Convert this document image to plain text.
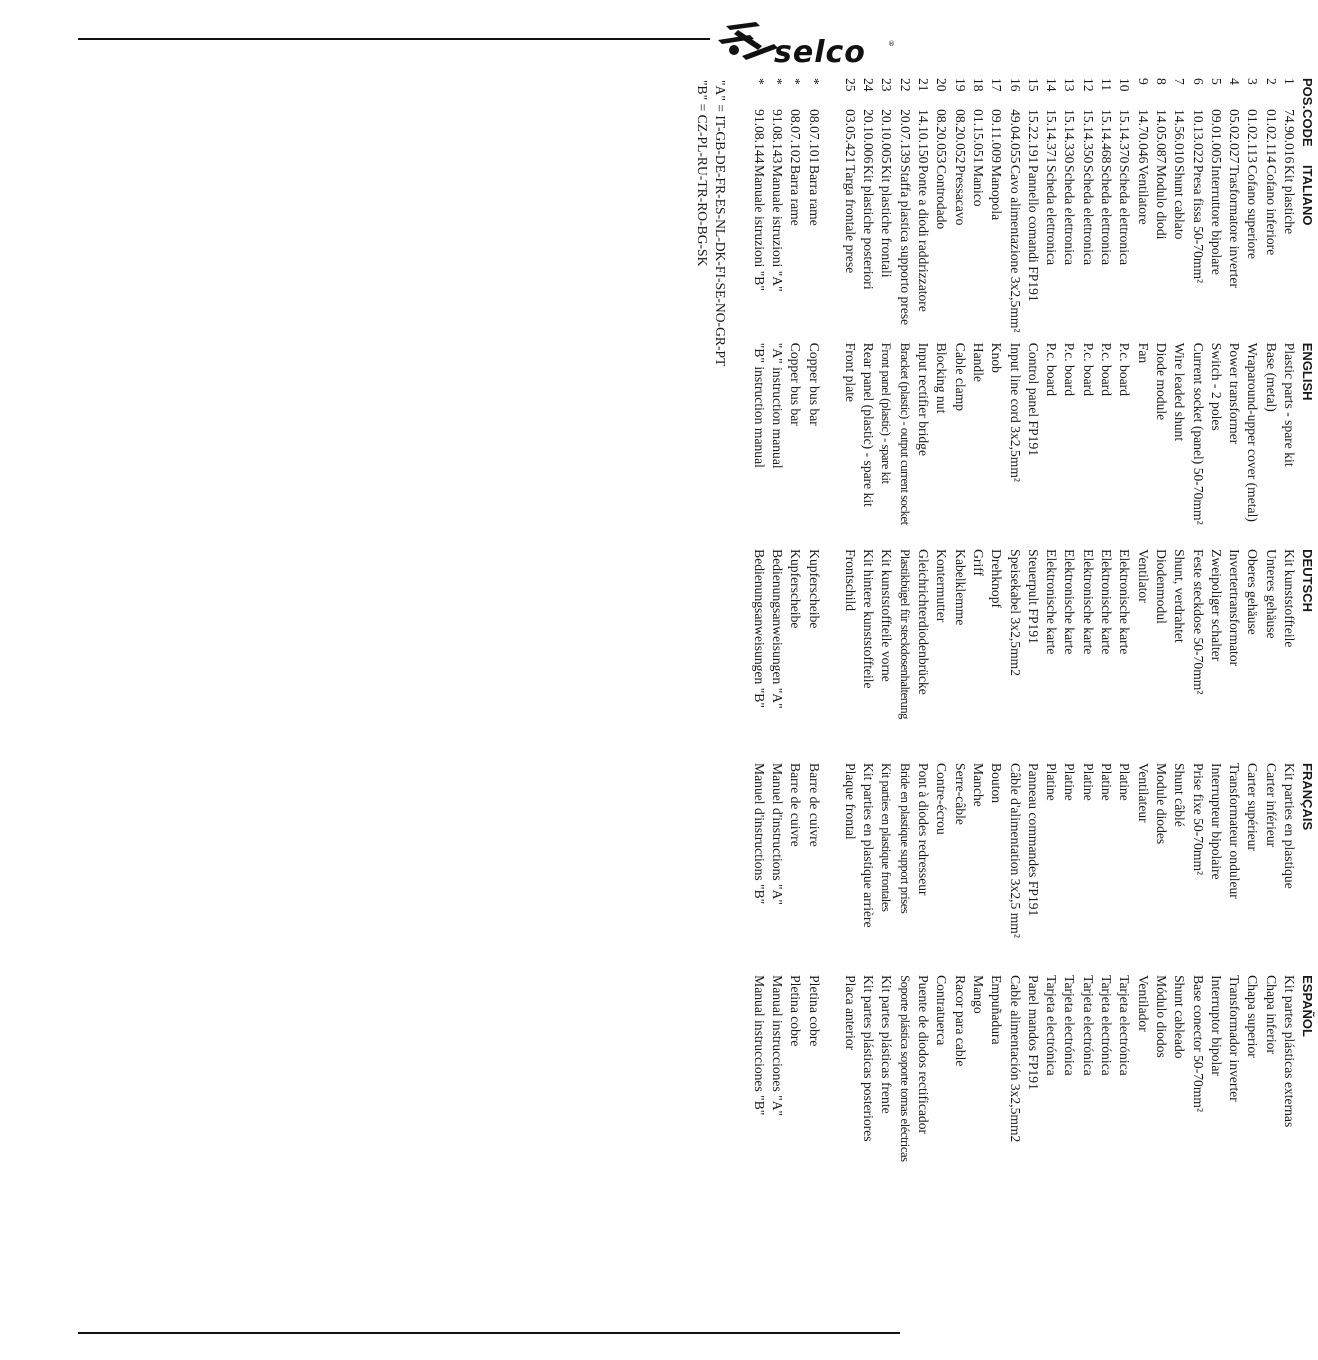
selco	®
POS.	CODE	ITALIANO	ENGLISH	DEUTSCH	FRANÇAIS	ESPAÑOL
1	74.90.016	Kit plastiche	Plastic parts - spare kit	Kit kunststoffteile	Kit parties en plastique	Kit partes plásticas externas
2	01.02.114	Cofano inferiore	Base (metal)	Unteres gehäuse	Carter inférieur	Chapa inferior
3	01.02.113	Cofano superiore	Wraparound-upper cover (metal)	Oberes gehäuse	Carter supérieur	Chapa superior
4	05.02.027	Trasformatore inverter	Power transformer	Invertertransformator	Transformateur onduleur	Transformador inverter
5	09.01.005	Interruttore bipolare	Switch - 2 poles	Zweipoliger schalter	Interrupteur bipolaire	Interruptor bipolar
6	10.13.022	Presa fissa 50-70mm²	Current socket (panel) 50-70mm²	Feste steckdose 50-70mm²	Prise fixe 50-70mm²	Base conector 50-70mm²
7	14.56.010	Shunt cablato	Wire leaded shunt	Shunt, verdrahtet	Shunt câblé	Shunt cableado
8	14.05.087	Modulo diodi	Diode module	Diodenmodul	Module diodes	Módulo diodos
9	14.70.046	Ventilatore	Fan	Ventilator	Ventilateur	Ventilador
10	15.14.370	Scheda elettronica	P.c. board	Elektronische karte	Platine	Tarjeta electrónica
11	15.14.468	Scheda elettronica	P.c. board	Elektronische karte	Platine	Tarjeta electrónica
12	15.14.350	Scheda elettronica	P.c. board	Elektronische karte	Platine	Tarjeta electrónica
13	15.14.330	Scheda elettronica	P.c. board	Elektronische karte	Platine	Tarjeta electrónica
14	15.14.371	Scheda elettronica	P.c. board	Elektronische karte	Platine	Tarjeta electrónica
15	15.22.191	Pannello comandi FP191	Control panel FP191	Steuerpult FP191	Panneau commandes FP191	Panel mandos FP191
16	49.04.055	Cavo alimentazione 3x2,5mm²	Input line cord 3x2,5mm²	Speisekabel 3x2,5mm2	Câble d'alimentation 3x2,5 mm²	Cable alimentación 3x2,5mm2
17	09.11.009	Manopola	Knob	Drehknopf	Bouton	Empuñadura
18	01.15.051	Manico	Handle	Griff	Manche	Mango
19	08.20.052	Pressacavo	Cable clamp	Kabelklemme	Serre-câble	Racor para cable
20	08.20.053	Controdado	Blocking nut	Kontermutter	Contre-écrou	Contratuerca
21	14.10.150	Ponte a diodi raddrizzatore	Input rectifier bridge	Gleichrichterdiodenbrücke	Pont à diodes redresseur	Puente de diodos rectificador
22	20.07.139	Staffa plastica supporto prese	Bracket (plastic) - output current socket	Plastikbügel für steckdosenhalterung	Bride en plastique support prises	Soporte plástica soporte tomas eléctricas
23	20.10.005	Kit plastiche frontali	Front panel (plastic) - spare kit	Kit kunststoffteile vorne	Kit parties en plastique frontales	Kit partes plásticas frente
24	20.10.006	Kit plastiche posteriori	Rear panel (plastic) - spare kit	Kit hintere kunststoffteile	Kit parties en plastique arrière	Kit partes plásticas posteriores
25	03.05.421	Targa frontale prese	Front plate	Frontschild	Plaque frontal	Placa anterior

*	08.07.101	Barra rame	Copper bus bar	Kupferscheibe	Barre de cuivre	Pletina cobre
*	08.07.102	Barra rame	Copper bus bar	Kupferscheibe	Barre de cuivre	Pletina cobre
*	91.08.143	Manuale istruzioni "A"	"A" instruction manual	Bedienungsanweisungen "A"	Manuel d'instructions "A"	Manual instrucciones "A"
*	91.08.144	Manuale istruzioni "B"	"B" instruction manual	Bedienungsanweisungen "B"	Manuel d'instructions "B"	Manual instrucciones "B"
"A" = IT-GB-DE-FR-ES-NL-DK-FI-SE-NO-GR-PT
"B" = CZ-PL-RU-TR-RO-BG-SK
